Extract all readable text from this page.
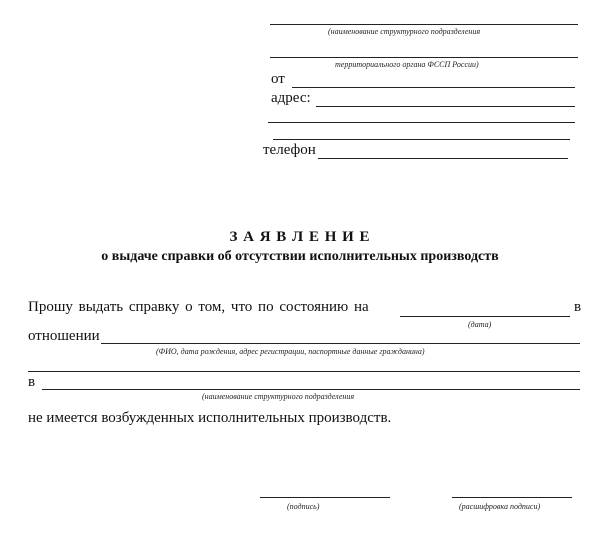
(наименование структурного подразделения
территориального органа ФССП России)
от
адрес:
телефон
З А Я В Л Е Н И Е
о выдаче справки об отсутствии исполнительных производств
Прошу выдать справку о том, что по состоянию на	в
(дата)
отношении
(ФИО, дата рождения, адрес регистрации, паспортные данные гражданина)
в
(наименование структурного подразделения
не имеется возбужденных исполнительных производств.
(подпись)	(расшифровка подписи)
